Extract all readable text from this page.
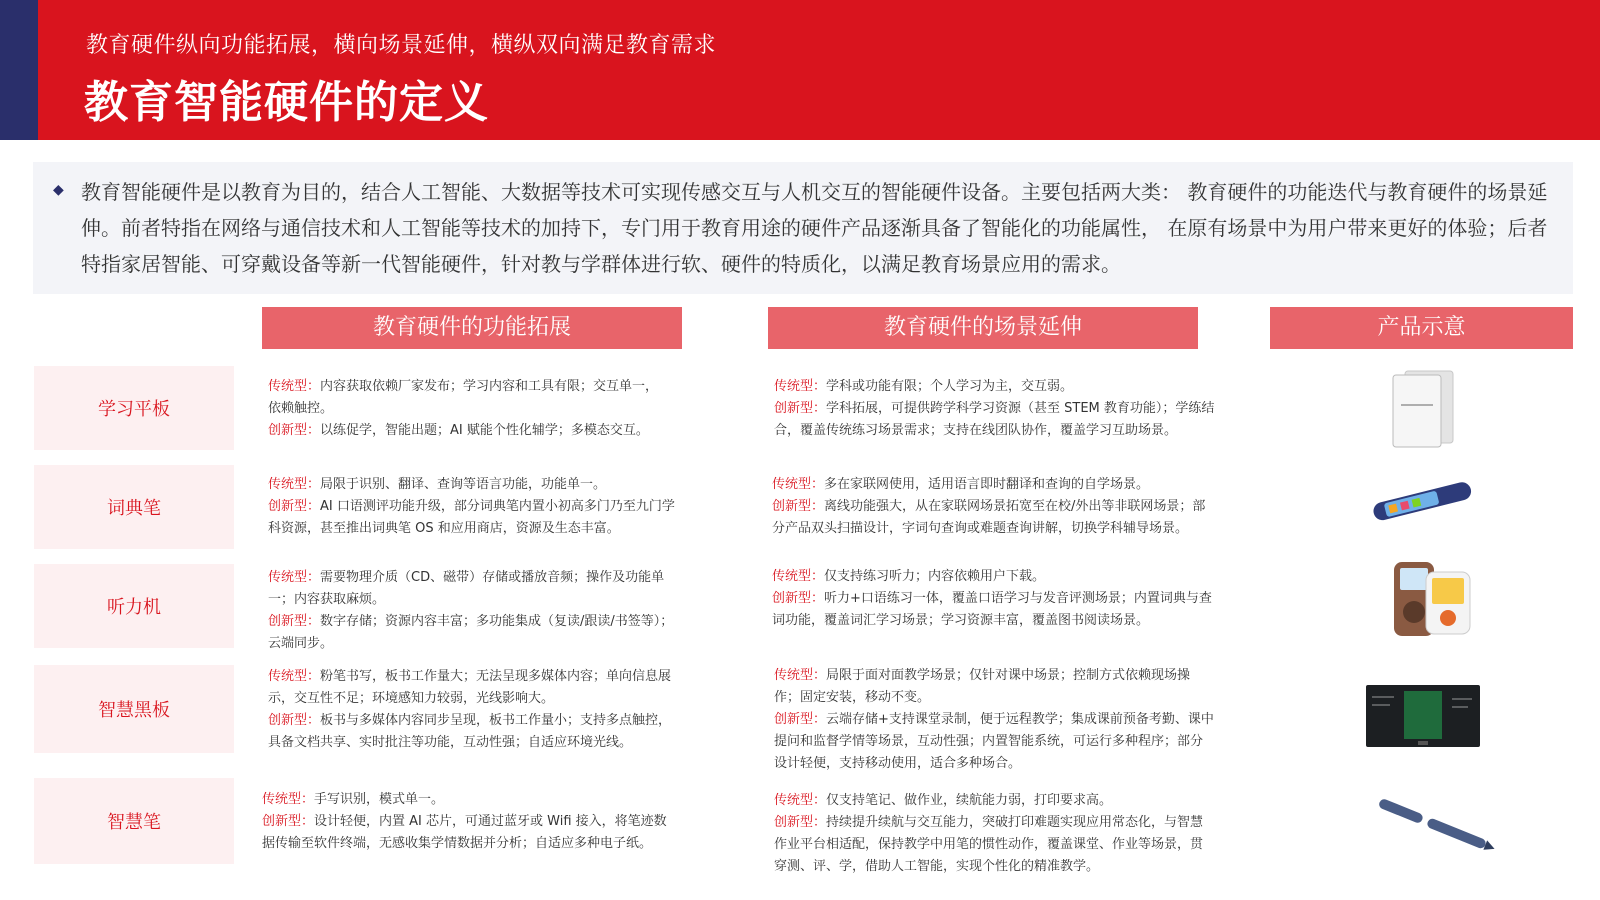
教育硬件纵向功能拓展，横向场景延伸，横纵双向满足教育需求
教育智能硬件的定义
◆ 教育智能硬件是以教育为目的，结合人工智能、大数据等技术可实现传感交互与人机交互的智能硬件设备。主要包括两大类： 教育硬件的功能迭代与教育硬件的场景延伸。前者特指在网络与通信技术和人工智能等技术的加持下，专门用于教育用途的硬件产品逐渐具备了智能化的功能属性， 在原有场景中为用户带来更好的体验；后者特指家居智能、可穿戴设备等新一代智能硬件，针对教与学群体进行软、硬件的特质化，以满足教育场景应用的需求。

教育硬件的功能拓展	教育硬件的场景延伸	产品示意
学习平板

传统型：内容获取依赖厂家发布；学习内容和工具有限；交互单一，依赖触控。
创新型：以练促学，智能出题；AI 赋能个性化辅学；多模态交互。

传统型：学科或功能有限；个人学习为主，交互弱。
创新型：学科拓展，可提供跨学科学习资源（甚至 STEM 教育功能）；学练结合，覆盖传统练习场景需求；支持在线团队协作，覆盖学习互助场景。

词典笔

传统型：局限于识别、翻译、查询等语言功能，功能单一。
创新型：AI 口语测评功能升级，部分词典笔内置小初高多门乃至九门学科资源，甚至推出词典笔 OS 和应用商店，资源及生态丰富。

传统型：多在家联网使用，适用语言即时翻译和查询的自学场景。
创新型：离线功能强大，从在家联网场景拓宽至在校/外出等非联网场景；部分产品双头扫描设计，字词句查询或难题查询讲解，切换学科辅导场景。

听力机

传统型：需要物理介质（CD、磁带）存储或播放音频；操作及功能单一；内容获取麻烦。
创新型：数字存储；资源内容丰富；多功能集成（复读/跟读/书签等）；云端同步。

传统型：仅支持练习听力；内容依赖用户下载。
创新型：听力+口语练习一体，覆盖口语学习与发音评测场景；内置词典与查词功能，覆盖词汇学习场景；学习资源丰富，覆盖图书阅读场景。

智慧黑板

传统型：粉笔书写，板书工作量大；无法呈现多媒体内容；单向信息展示，交互性不足；环境感知力较弱，光线影响大。
创新型：板书与多媒体内容同步呈现，板书工作量小；支持多点触控，具备文档共享、实时批注等功能，互动性强；自适应环境光线。

传统型：局限于面对面教学场景；仅针对课中场景；控制方式依赖现场操作；固定安装，移动不变。
创新型：云端存储+支持课堂录制，便于远程教学；集成课前预备考勤、课中提问和监督学情等场景，互动性强；内置智能系统，可运行多种程序；部分设计轻便，支持移动使用，适合多种场合。

智慧笔

传统型：手写识别，模式单一。
创新型：设计轻便，内置 AI 芯片，可通过蓝牙或 Wifi 接入，将笔迹数据传输至软件终端，无感收集学情数据并分析；自适应多种电子纸。

传统型：仅支持笔记、做作业，续航能力弱，打印要求高。
创新型：持续提升续航与交互能力，突破打印难题实现应用常态化，与智慧作业平台相适配，保持教学中用笔的惯性动作，覆盖课堂、作业等场景，贯穿测、评、学，借助人工智能，实现个性化的精准教学。
